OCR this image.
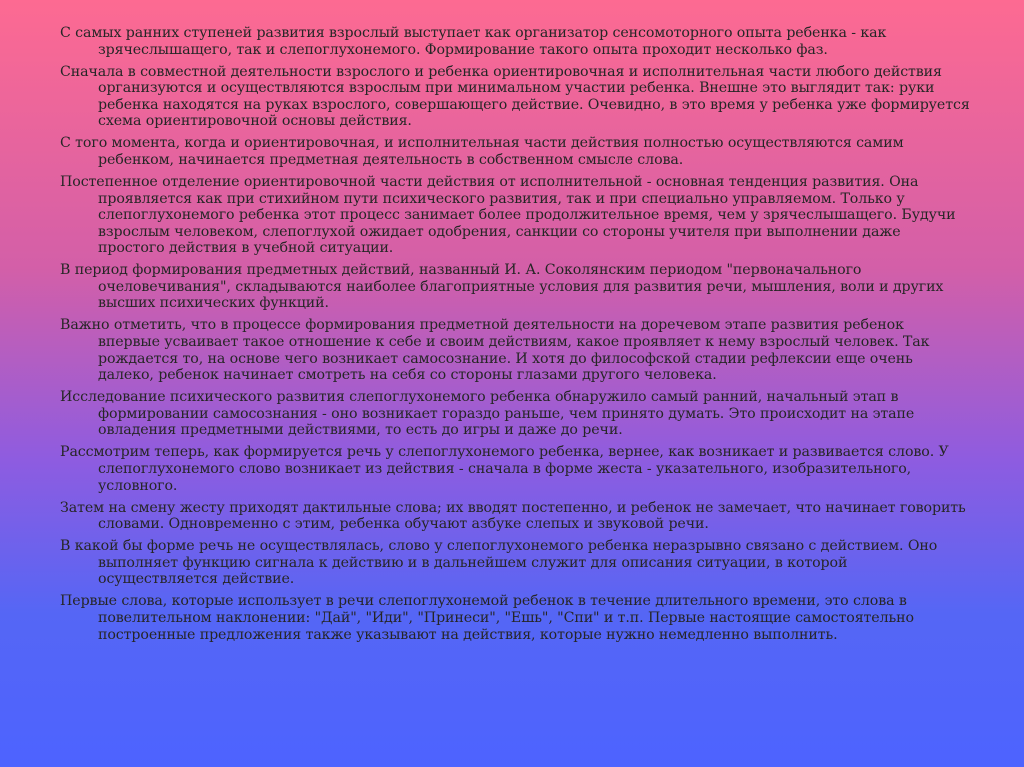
С самых ранних ступеней развития взрослый выступает как организатор сенсомоторного опыта ребенка - как зрячеслышащего, так и слепоглухонемого. Формирование такого опыта проходит несколько фаз.

Сначала в совместной деятельности взрослого и ребенка ориентировочная и исполнительная части любого действия организуются и осуществляются взрослым при минимальном участии ребенка. Внешне это выглядит так: руки ребенка находятся на руках взрослого, совершающего действие. Очевидно, в это время у ребенка уже формируется схема ориентировочной основы действия.

С того момента, когда и ориентировочная, и исполнительная части действия полностью осуществляются самим ребенком, начинается предметная деятельность в собственном смысле слова.

Постепенное отделение ориентировочной части действия от исполнительной - основная тенденция развития. Она проявляется как при стихийном пути психического развития, так и при специально управляемом. Только у слепоглухонемого ребенка этот процесс занимает более продолжительное время, чем у зрячеслышащего. Будучи взрослым человеком, слепоглухой ожидает одобрения, санкции со стороны учителя при выполнении даже простого действия в учебной ситуации.

В период формирования предметных действий, названный И. А. Соколянским периодом "первоначального очеловечивания", складываются наиболее благоприятные условия для развития речи, мышления, воли и других высших психических функций.

Важно отметить, что в процессе формирования предметной деятельности на доречевом этапе развития ребенок впервые усваивает такое отношение к себе и своим действиям, какое проявляет к нему взрослый человек. Так рождается то, на основе чего возникает самосознание. И хотя до философской стадии рефлексии еще очень далеко, ребенок начинает смотреть на себя со стороны глазами другого человека.

Исследование психического развития слепоглухонемого ребенка обнаружило самый ранний, начальный этап в формировании самосознания - оно возникает гораздо раньше, чем принято думать. Это происходит на этапе овладения предметными действиями, то есть до игры и даже до речи.

Рассмотрим теперь, как формируется речь у слепоглухонемого ребенка, вернее, как возникает и развивается слово. У слепоглухонемого слово возникает из действия - сначала в форме жеста - указательного, изобразительного, условного.

Затем на смену жесту приходят дактильные слова; их вводят постепенно, и ребенок не замечает, что начинает говорить словами. Одновременно с этим, ребенка обучают азбуке слепых и звуковой речи.

В какой бы форме речь не осуществлялась, слово у слепоглухонемого ребенка неразрывно связано с действием. Оно выполняет функцию сигнала к действию и в дальнейшем служит для описания ситуации, в которой осуществляется действие.

Первые слова, которые использует в речи слепоглухонемой ребенок в течение длительного времени, это слова в повелительном наклонении: "Дай", "Иди", "Принеси", "Ешь", "Спи" и т.п. Первые настоящие самостоятельно построенные предложения также указывают на действия, которые нужно немедленно выполнить.
